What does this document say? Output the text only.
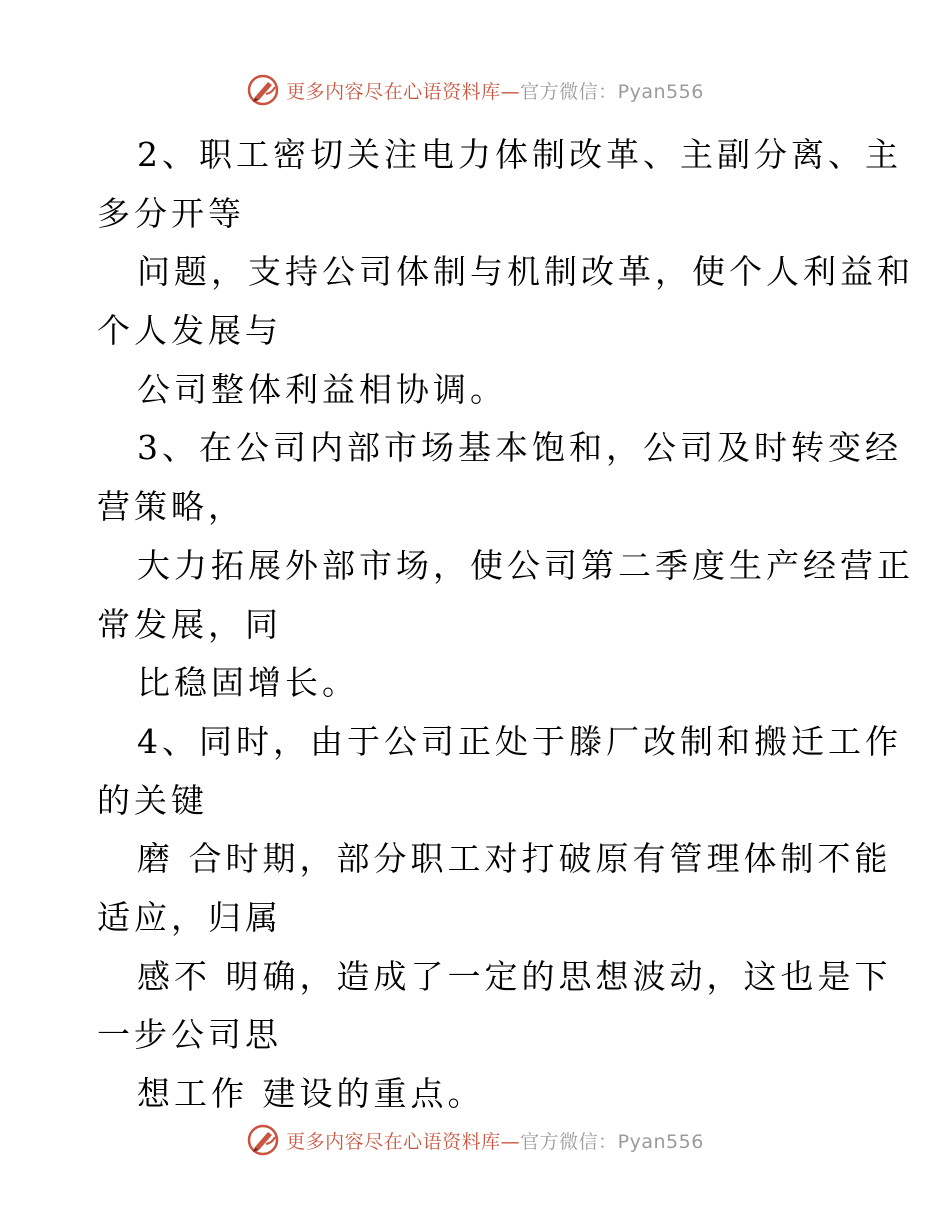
更多内容尽在心语资料库—官方微信：Pyan556
2、职工密切关注电力体制改革、主副分离、主
多分开等
问题，支持公司体制与机制改革，使个人利益和
个人发展与
公司整体利益相协调。
3、在公司内部市场基本饱和，公司及时转变经
营策略，
大力拓展外部市场，使公司第二季度生产经营正
常发展，同
比稳固增长。
4、同时，由于公司正处于滕厂改制和搬迁工作
的关键
磨 合时期，部分职工对打破原有管理体制不能
适应，归属
感不 明确，造成了一定的思想波动，这也是下
一步公司思
想工作 建设的重点。
更多内容尽在心语资料库—官方微信：Pyan556
